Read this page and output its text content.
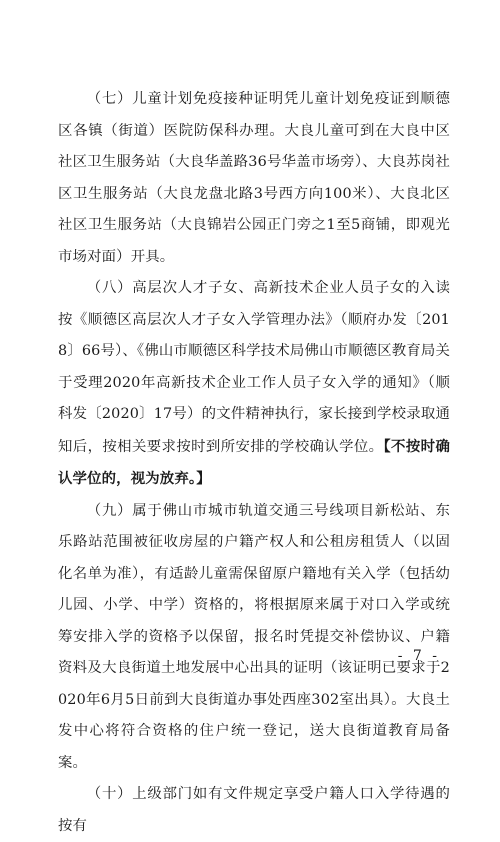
（七）儿童计划免疫接种证明凭儿童计划免疫证到顺德区各镇（街道）医院防保科办理。大良儿童可到在大良中区社区卫生服务站（大良华盖路36号华盖市场旁）、大良苏岗社区卫生服务站（大良龙盘北路3号西方向100米）、大良北区社区卫生服务站（大良锦岩公园正门旁之1至5商铺，即观光市场对面）开具。

（八）高层次人才子女、高新技术企业人员子女的入读按《顺德区高层次人才子女入学管理办法》（顺府办发〔2018〕66号）、《佛山市顺德区科学技术局佛山市顺德区教育局关于受理2020年高新技术企业工作人员子女入学的通知》（顺科发〔2020〕17号）的文件精神执行，家长接到学校录取通知后，按相关要求按时到所安排的学校确认学位。【不按时确认学位的，视为放弃。】

（九）属于佛山市城市轨道交通三号线项目新松站、东乐路站范围被征收房屋的户籍产权人和公租房租赁人（以固化名单为准），有适龄儿童需保留原户籍地有关入学（包括幼儿园、小学、中学）资格的，将根据原来属于对口入学或统筹安排入学的资格予以保留，报名时凭提交补偿协议、户籍资料及大良街道土地发展中心出具的证明（该证明已要求于2020年6月5日前到大良街道办事处西座302室出具）。大良土发中心将符合资格的住户统一登记，送大良街道教育局备案。

（十）上级部门如有文件规定享受户籍人口入学待遇的按有

- 7 -
